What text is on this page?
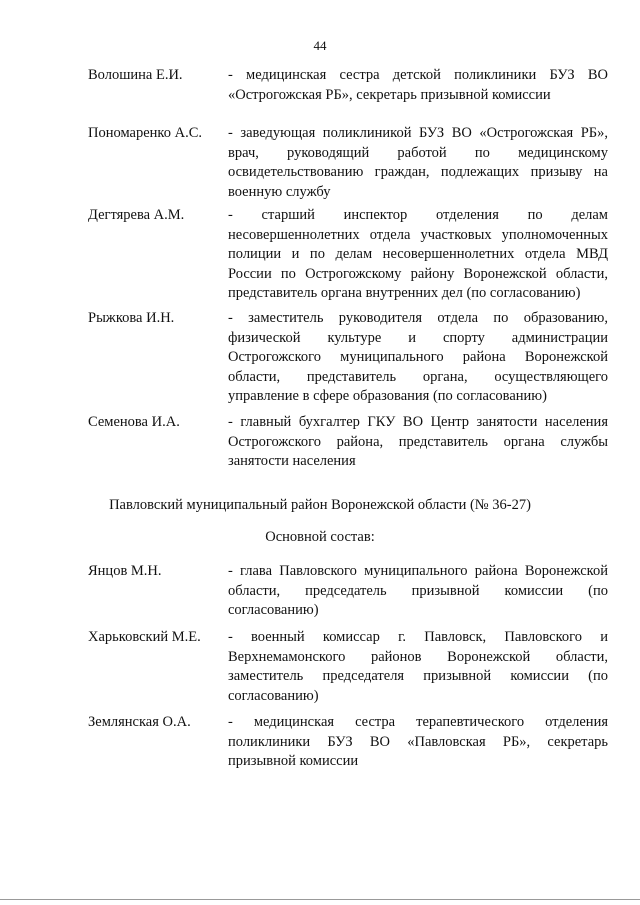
44
Волошина Е.И.	- медицинская сестра детской поликлиники БУЗ ВО «Острогожская РБ», секретарь призывной комиссии
Пономаренко А.С. - заведующая поликлиникой БУЗ ВО «Острогожская РБ», врач, руководящий работой по медицинскому освидетельствованию граждан, подлежащих призыву на военную службу
Дегтярева А.М.	- старший инспектор отделения по делам несовершеннолетних отдела участковых уполномоченных полиции и по делам несовершеннолетних отдела МВД России по Острогожскому району Воронежской области, представитель органа внутренних дел (по согласованию)
Рыжкова И.Н.	- заместитель руководителя отдела по образованию, физической культуре и спорту администрации Острогожского муниципального района Воронежской области, представитель органа, осуществляющего управление в сфере образования (по согласованию)
Семенова И.А.	- главный бухгалтер ГКУ ВО Центр занятости населения Острогожского района, представитель органа службы занятости населения
Павловский муниципальный район Воронежской области (№ 36-27)
Основной состав:
Янцов М.Н.	- глава Павловского муниципального района Воронежской области, председатель призывной комиссии (по согласованию)
Харьковский М.Е. - военный комиссар г. Павловск, Павловского и Верхнемамонского районов Воронежской области, заместитель председателя призывной комиссии (по согласованию)
Землянская О.А.	- медицинская сестра терапевтического отделения поликлиники БУЗ ВО «Павловская РБ», секретарь призывной комиссии
